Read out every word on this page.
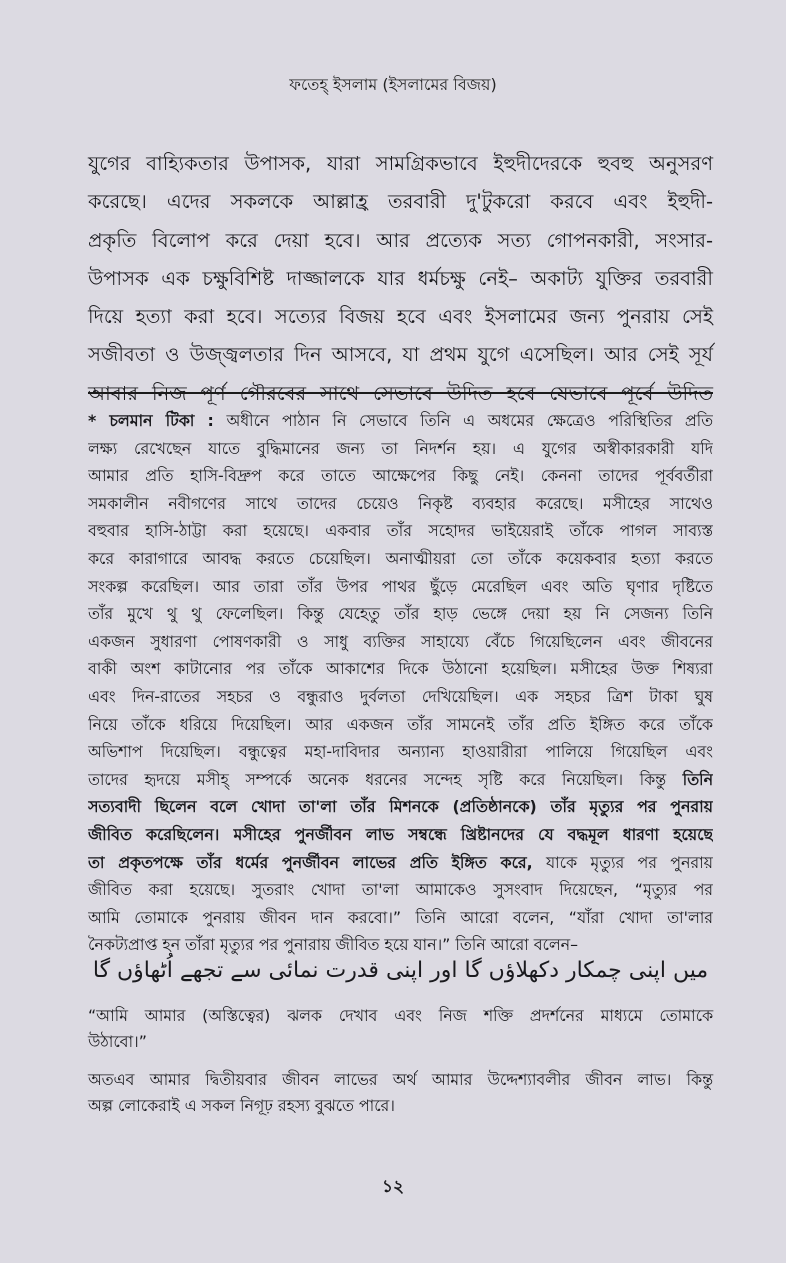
ফতেহ্ ইসলাম (ইসলামের বিজয়)
যুগের বাহ্যিকতার উপাসক, যারা সামগ্রিকভাবে ইহুদীদেরকে হুবহু অনুসরণ
করেছে। এদের সকলকে আল্লাহ্র তরবারী দু'টুকরো করবে এবং ইহুদী-
প্রকৃতি বিলোপ করে দেয়া হবে। আর প্রত্যেক সত্য গোপনকারী, সংসার-
উপাসক এক চক্ষুবিশিষ্ট দাজ্জালকে যার ধর্মচক্ষু নেই– অকাট্য যুক্তির তরবারী
দিয়ে হত্যা করা হবে। সত্যের বিজয় হবে এবং ইসলামের জন্য পুনরায় সেই
সজীবতা ও উজ্জ্বলতার দিন আসবে, যা প্রথম যুগে এসেছিল। আর সেই সূর্য
আবার নিজ পূর্ণ গৌরবের সাথে সেভাবে উদিত হবে যেভাবে পূর্বে উদিত
* চলমান টিকা : অধীনে পাঠান নি সেভাবে তিনি এ অধমের ক্ষেত্রেও পরিস্থিতির প্রতি
লক্ষ্য রেখেছেন যাতে বুদ্ধিমানের জন্য তা নিদর্শন হয়। এ যুগের অস্বীকারকারী যদি
আমার প্রতি হাসি-বিদ্রুপ করে তাতে আক্ষেপের কিছু নেই। কেননা তাদের পূর্ববর্তীরা
সমকালীন নবীগণের সাথে তাদের চেয়েও নিকৃষ্ট ব্যবহার করেছে। মসীহের সাথেও
বহুবার হাসি-ঠাট্টা করা হয়েছে। একবার তাঁর সহোদর ভাইয়েরাই তাঁকে পাগল সাব্যস্ত
করে কারাগারে আবদ্ধ করতে চেয়েছিল। অনাত্মীয়রা তো তাঁকে কয়েকবার হত্যা করতে
সংকল্প করেছিল। আর তারা তাঁর উপর পাথর ছুঁড়ে মেরেছিল এবং অতি ঘৃণার দৃষ্টিতে
তাঁর মুখে থু থু ফেলেছিল। কিন্তু যেহেতু তাঁর হাড় ভেঙ্গে দেয়া হয় নি সেজন্য তিনি
একজন সুধারণা পোষণকারী ও সাধু ব্যক্তির সাহায্যে বেঁচে গিয়েছিলেন এবং জীবনের
বাকী অংশ কাটানোর পর তাঁকে আকাশের দিকে উঠানো হয়েছিল। মসীহের উক্ত শিষ্যরা
এবং দিন-রাতের সহচর ও বন্ধুরাও দুর্বলতা দেখিয়েছিল। এক সহচর ত্রিশ টাকা ঘুষ
নিয়ে তাঁকে ধরিয়ে দিয়েছিল। আর একজন তাঁর সামনেই তাঁর প্রতি ইঙ্গিত করে তাঁকে
অভিশাপ দিয়েছিল। বন্ধুত্বের মহা-দাবিদার অন্যান্য হাওয়ারীরা পালিয়ে গিয়েছিল এবং
তাদের হৃদয়ে মসীহ্ সম্পর্কে অনেক ধরনের সন্দেহ সৃষ্টি করে নিয়েছিল। কিন্তু তিনি
সত্যবাদী ছিলেন বলে খোদা তা'লা তাঁর মিশনকে (প্রতিষ্ঠানকে) তাঁর মৃত্যুর পর পুনরায়
জীবিত করেছিলেন। মসীহের পুনর্জীবন লাভ সম্বন্ধে খ্রিষ্টানদের যে বদ্ধমূল ধারণা হয়েছে
তা প্রকৃতপক্ষে তাঁর ধর্মের পুনর্জীবন লাভের প্রতি ইঙ্গিত করে, যাকে মৃত্যুর পর পুনরায়
জীবিত করা হয়েছে। সুতরাং খোদা তা'লা আমাকেও সুসংবাদ দিয়েছেন, “মৃত্যুর পর
আমি তোমাকে পুনরায় জীবন দান করবো।” তিনি আরো বলেন, “যাঁরা খোদা তা'লার
নৈকট্যপ্রাপ্ত হন তাঁরা মৃত্যুর পর পুনারায় জীবিত হয়ে যান।” তিনি আরো বলেন–
میں اپنی چمکار دکھلاؤں گا اور اپنی قدرت نمائی سے تجھے اُٹھاؤں گا
“আমি আমার (অস্তিত্বের) ঝলক দেখাব এবং নিজ শক্তি প্রদর্শনের মাধ্যমে তোমাকে
উঠাবো।”
অতএব আমার দ্বিতীয়বার জীবন লাভের অর্থ আমার উদ্দেশ্যাবলীর জীবন লাভ। কিন্তু
অল্প লোকেরাই এ সকল নিগূঢ় রহস্য বুঝতে পারে।
১২
